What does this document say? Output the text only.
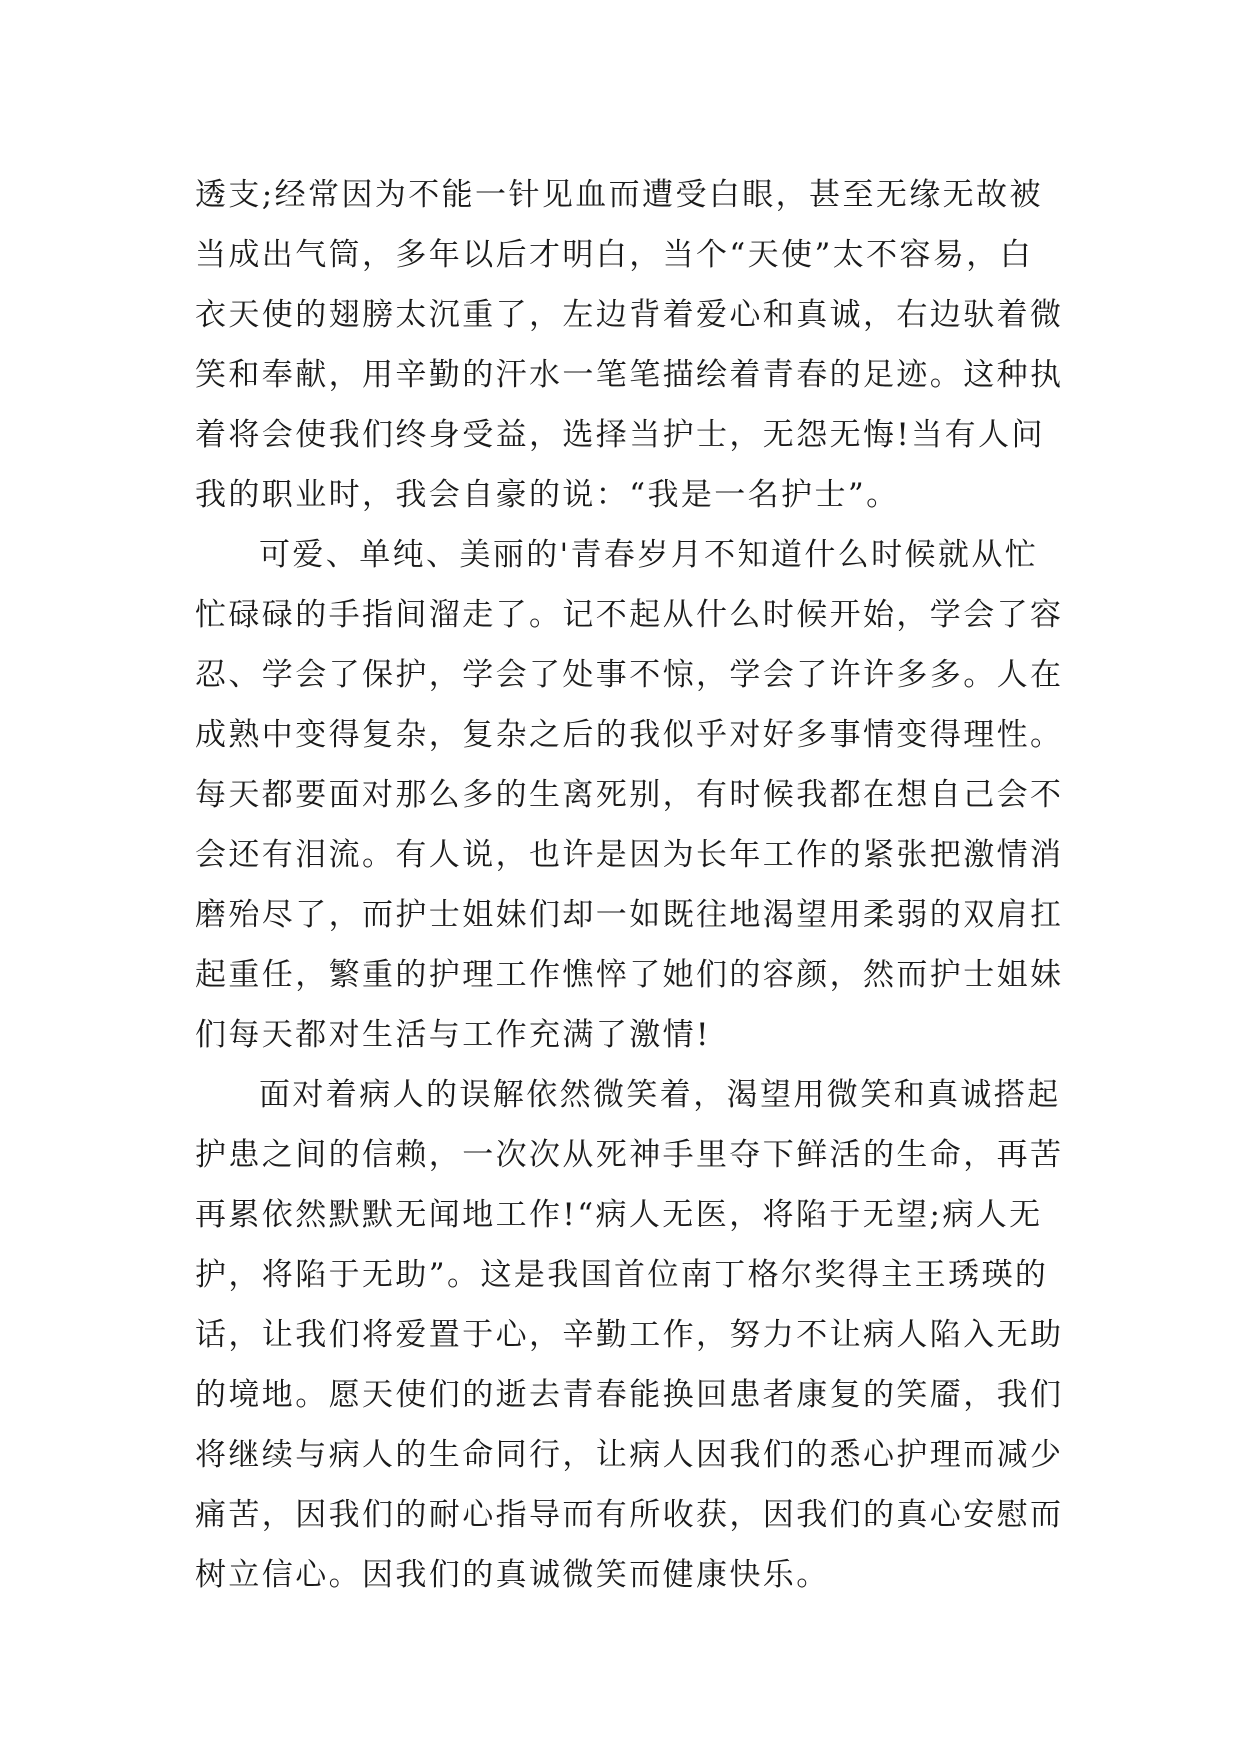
透支;经常因为不能一针见血而遭受白眼，甚至无缘无故被
当成出气筒，多年以后才明白，当个“天使”太不容易，白
衣天使的翅膀太沉重了，左边背着爱心和真诚，右边驮着微
笑和奉献，用辛勤的汗水一笔笔描绘着青春的足迹。这种执
着将会使我们终身受益，选择当护士，无怨无悔!当有人问
我的职业时，我会自豪的说：“我是一名护士”。
可爱、单纯、美丽的'青春岁月不知道什么时候就从忙
忙碌碌的手指间溜走了。记不起从什么时候开始，学会了容
忍、学会了保护，学会了处事不惊，学会了许许多多。人在
成熟中变得复杂，复杂之后的我似乎对好多事情变得理性。
每天都要面对那么多的生离死别，有时候我都在想自己会不
会还有泪流。有人说，也许是因为长年工作的紧张把激情消
磨殆尽了，而护士姐妹们却一如既往地渴望用柔弱的双肩扛
起重任，繁重的护理工作憔悴了她们的容颜，然而护士姐妹
们每天都对生活与工作充满了激情!
面对着病人的误解依然微笑着，渴望用微笑和真诚搭起
护患之间的信赖，一次次从死神手里夺下鲜活的生命，再苦
再累依然默默无闻地工作!“病人无医，将陷于无望;病人无
护，将陷于无助”。这是我国首位南丁格尔奖得主王琇瑛的
话，让我们将爱置于心，辛勤工作，努力不让病人陷入无助
的境地。愿天使们的逝去青春能换回患者康复的笑靥，我们
将继续与病人的生命同行，让病人因我们的悉心护理而减少
痛苦，因我们的耐心指导而有所收获，因我们的真心安慰而
树立信心。因我们的真诚微笑而健康快乐。
